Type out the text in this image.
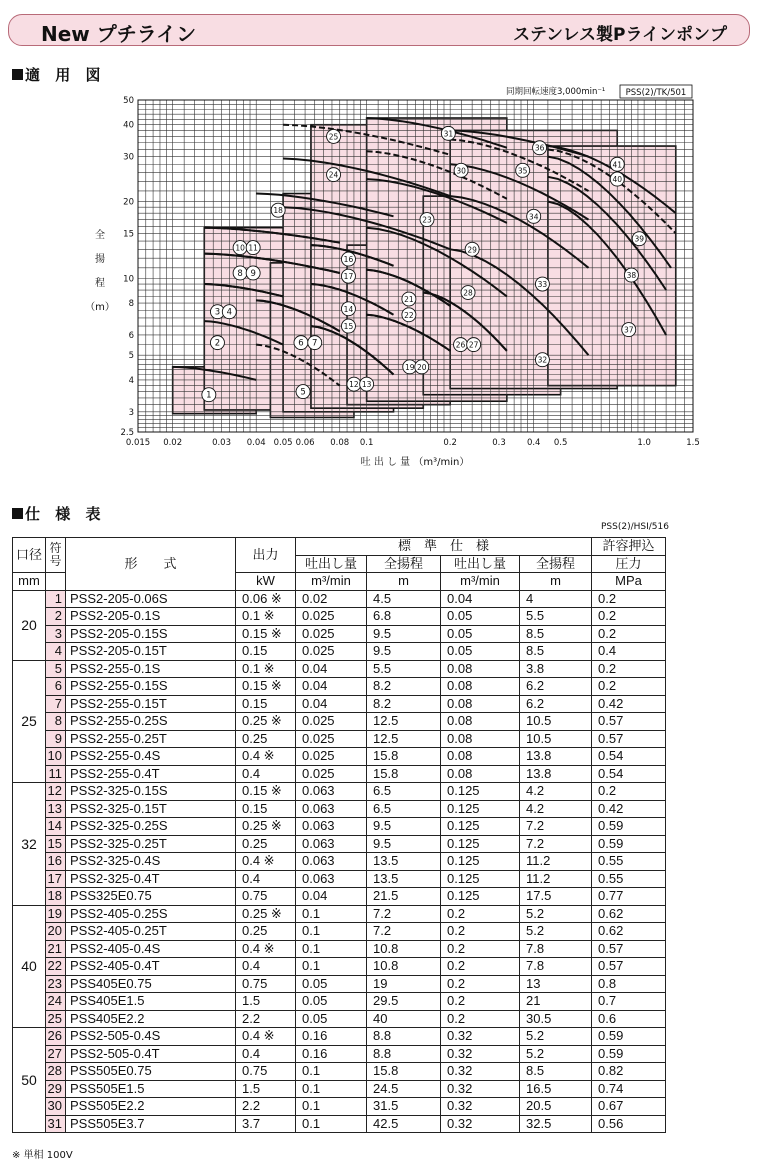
New プチライン	ステンレス製Pラインポンプ
適 用 図
1
2
3 4
5
6 7
8 9
10 11
12 13
14
15
16
17
18
19 20
21
22
23
24
25
26 27
28
29
30
31
32
33
34
35
36
37
38
39
40
41
0.015 0.02	0.03 0.04 0.05 0.06 0.08 0.1	0.2	0.3 0.4 0.5	1.0	1.5
2.5
3
4
5
6
8
10
15
20
30
40
50
全
揚
程
（m）
吐 出 し 量 （m³/min）
同期回転速度3,000min⁻¹ PSS(2)/TK/501
仕 様 表
PSS(2)/HSI/516
口径	符号	形　　式	出力	標　準　仕　様				許容押込
				吐出し量	全揚程	吐出し量	全揚程	圧力
mm			kW	m³/min	m	m³/min	m	MPa
20	1	PSS2-205-0.06S	0.06 ※	0.02	4.5	0.04	4	0.2
	2	PSS2-205-0.1S	0.1 ※	0.025	6.8	0.05	5.5	0.2
	3	PSS2-205-0.15S	0.15 ※	0.025	9.5	0.05	8.5	0.2
	4	PSS2-205-0.15T	0.15	0.025	9.5	0.05	8.5	0.4
25	5	PSS2-255-0.1S	0.1 ※	0.04	5.5	0.08	3.8	0.2
	6	PSS2-255-0.15S	0.15 ※	0.04	8.2	0.08	6.2	0.2
	7	PSS2-255-0.15T	0.15	0.04	8.2	0.08	6.2	0.42
	8	PSS2-255-0.25S	0.25 ※	0.025	12.5	0.08	10.5	0.57
	9	PSS2-255-0.25T	0.25	0.025	12.5	0.08	10.5	0.57
	10	PSS2-255-0.4S	0.4 ※	0.025	15.8	0.08	13.8	0.54
	11	PSS2-255-0.4T	0.4	0.025	15.8	0.08	13.8	0.54
32	12	PSS2-325-0.15S	0.15 ※	0.063	6.5	0.125	4.2	0.2
	13	PSS2-325-0.15T	0.15	0.063	6.5	0.125	4.2	0.42
	14	PSS2-325-0.25S	0.25 ※	0.063	9.5	0.125	7.2	0.59
	15	PSS2-325-0.25T	0.25	0.063	9.5	0.125	7.2	0.59
	16	PSS2-325-0.4S	0.4 ※	0.063	13.5	0.125	11.2	0.55
	17	PSS2-325-0.4T	0.4	0.063	13.5	0.125	11.2	0.55
	18	PSS325E0.75	0.75	0.04	21.5	0.125	17.5	0.77
40	19	PSS2-405-0.25S	0.25 ※	0.1	7.2	0.2	5.2	0.62
	20	PSS2-405-0.25T	0.25	0.1	7.2	0.2	5.2	0.62
	21	PSS2-405-0.4S	0.4 ※	0.1	10.8	0.2	7.8	0.57
	22	PSS2-405-0.4T	0.4	0.1	10.8	0.2	7.8	0.57
	23	PSS405E0.75	0.75	0.05	19	0.2	13	0.8
	24	PSS405E1.5	1.5	0.05	29.5	0.2	21	0.7
	25	PSS405E2.2	2.2	0.05	40	0.2	30.5	0.6
50	26	PSS2-505-0.4S	0.4 ※	0.16	8.8	0.32	5.2	0.59
	27	PSS2-505-0.4T	0.4	0.16	8.8	0.32	5.2	0.59
	28	PSS505E0.75	0.75	0.1	15.8	0.32	8.5	0.82
	29	PSS505E1.5	1.5	0.1	24.5	0.32	16.5	0.74
	30	PSS505E2.2	2.2	0.1	31.5	0.32	20.5	0.67
	31	PSS505E3.7	3.7	0.1	42.5	0.32	32.5	0.56
※ 単相 100V
